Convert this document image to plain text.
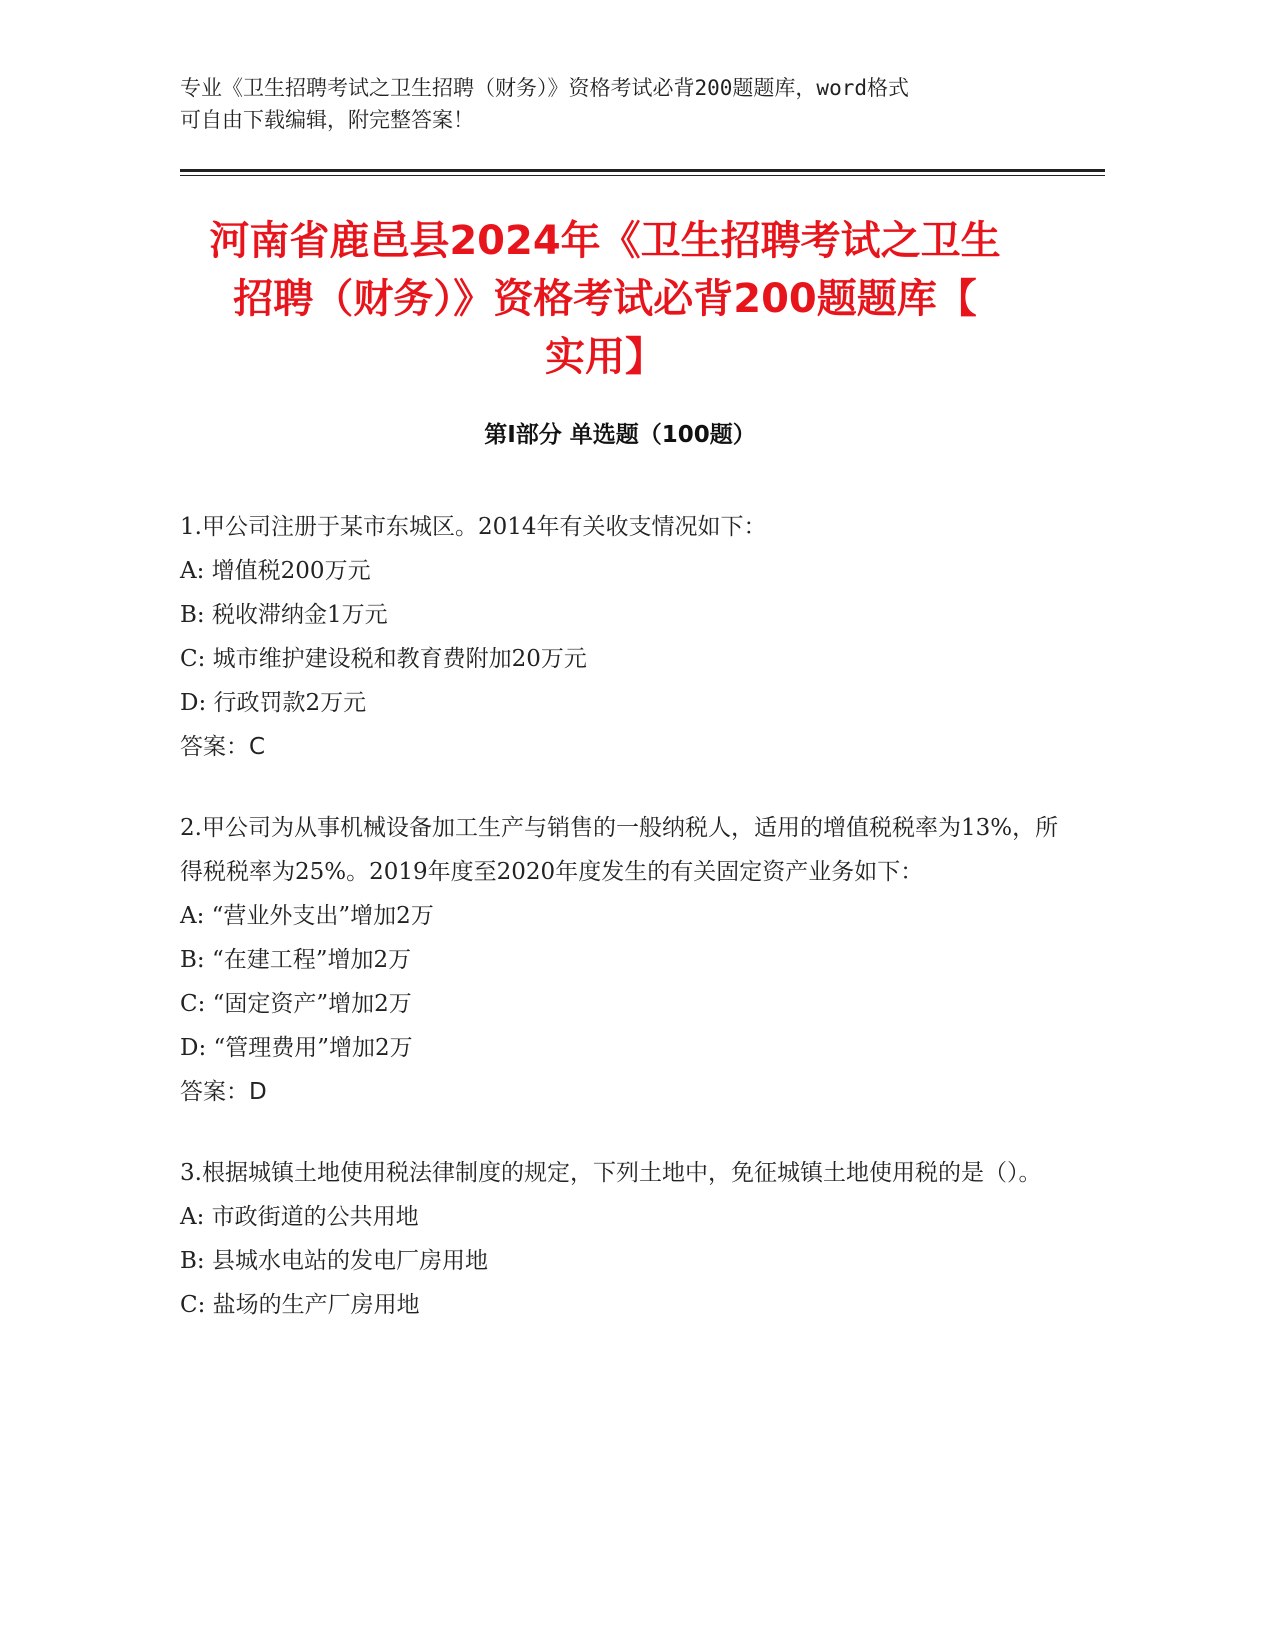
专业《卫生招聘考试之卫生招聘（财务）》资格考试必背200题题库，word格式
可自由下载编辑，附完整答案！
河南省鹿邑县2024年《卫生招聘考试之卫生
招聘（财务）》资格考试必背200题题库【
实用】
第Ⅰ部分 单选题（100题）

1.甲公司注册于某市东城区。2014年有关收支情况如下：

A: 增值税200万元

B: 税收滞纳金1万元

C: 城市维护建设税和教育费附加20万元

D: 行政罚款2万元

答案：C

2.甲公司为从事机械设备加工生产与销售的一般纳税人，适用的增值税税率为13%，所得税税率为25%。2019年度至2020年度发生的有关固定资产业务如下：

A: “营业外支出”增加2万

B: “在建工程”增加2万

C: “固定资产”增加2万

D: “管理费用”增加2万

答案：D

3.根据城镇土地使用税法律制度的规定，下列土地中，免征城镇土地使用税的是（）。

A: 市政街道的公共用地

B: 县城水电站的发电厂房用地

C: 盐场的生产厂房用地
